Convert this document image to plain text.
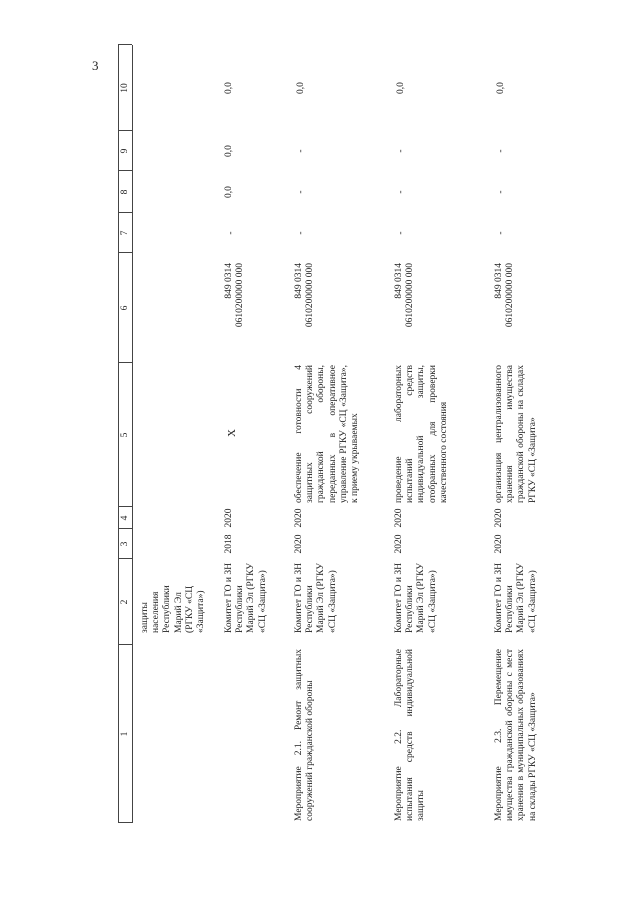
3
1
2
3
4
5
6
7
8
9
10
защиты населения Республики Марий Эл (РГКУ «СЦ «Защита») Комитет ГО и ЗН Республики Марий Эл (РГКУ «СЦ «Защита»)
2018
2020
Х
849 0314 0610200000 000
-
0,0
0,0
0,0
Мероприятие 2.1. Ремонт защитных сооружений гражданской обороны
Комитет ГО и ЗН Республики Марий Эл (РГКУ «СЦ «Защита»)
2020
2020
обеспечение готовности 4 защитных сооружений гражданской обороны, переданных в оперативное управление РГКУ «СЦ «Защита», к приему укрываемых
849 0314 0610200000 000
-
-
-
0,0
Мероприятие 2.2. Лабораторные испытания средств индивидуальной защиты
Комитет ГО и ЗН Республики Марий Эл (РГКУ «СЦ «Защита»)
2020
2020
проведение лабораторных испытаний средств индивидуальной защиты, отобранных для проверки качественного состояния
849 0314 0610200000 000
-
-
-
0,0
Мероприятие 2.3. Перемещение имущества гражданской обороны с мест хранения в муниципальных образованиях на склады РГКУ «СЦ «Защита»
Комитет ГО и ЗН Республики Марий Эл (РГКУ «СЦ «Защита»)
2020
2020
организация централизованного хранения имущества гражданской обороны на складах РГКУ «СЦ «Защита»
849 0314 0610200000 000
-
-
-
0,0
